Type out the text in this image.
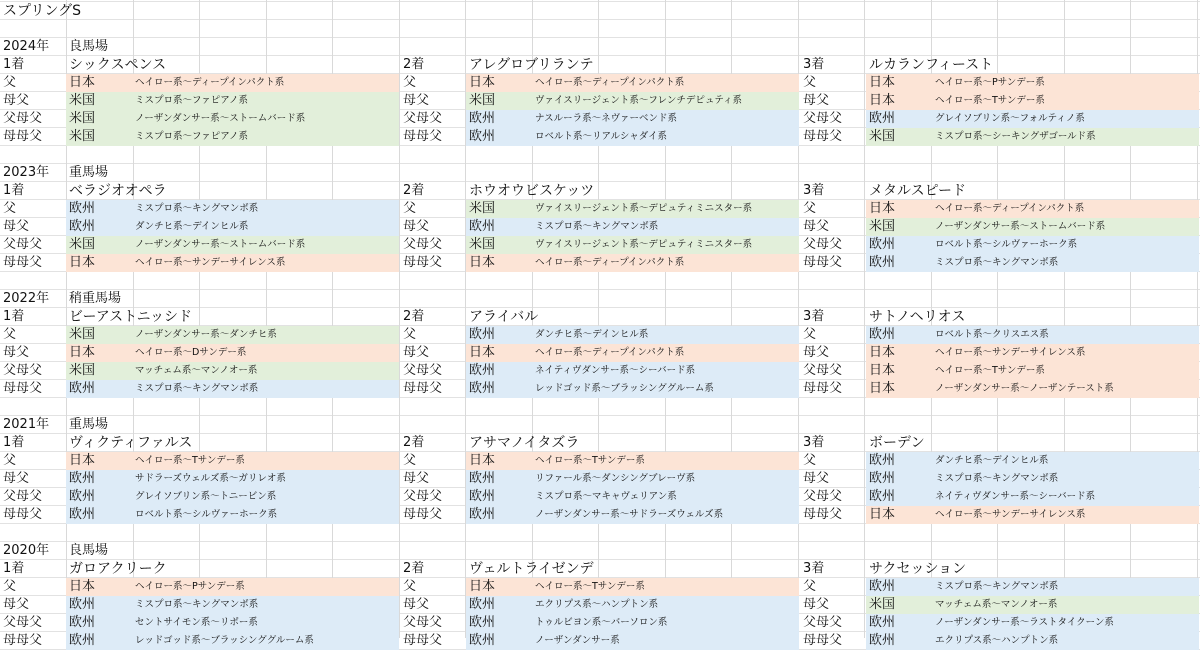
スプリングS
2024年 良馬場
1着	シックスペンス
父	日本	ヘイロー系～ディープインパクト系
母父	米国	ミスプロ系～ファピアノ系
父母父 米国	ノーザンダンサー系～ストームバード系
母母父 米国	ミスプロ系～ファピアノ系
2着	アレグロブリランテ
父	日本	ヘイロー系～ディープインパクト系
母父	米国	ヴァイスリージェント系～フレンチデピュティ系
父母父 欧州	ナスルーラ系～ネヴァーベンド系
母母父 欧州	ロベルト系～リアルシャダイ系
3着	ルカランフィースト
父	日本	ヘイロー系～Pサンデー系
母父	日本	ヘイロー系～Tサンデー系
父母父 欧州	グレイソブリン系～フォルティノ系
母母父 米国	ミスプロ系～シーキングザゴールド系
2023年 重馬場
1着	ベラジオオペラ
父	欧州	ミスプロ系～キングマンボ系
母父	欧州	ダンチヒ系～デインヒル系
父母父 米国	ノーザンダンサー系～ストームバード系
母母父 日本	ヘイロー系～サンデーサイレンス系
2着	ホウオウビスケッツ
父	米国	ヴァイスリージェント系～デピュティミニスター系
母父	欧州	ミスプロ系～キングマンボ系
父母父 米国	ヴァイスリージェント系～デピュティミニスター系
母母父 日本	ヘイロー系～ディープインパクト系
3着	メタルスピード
父	日本	ヘイロー系～ディープインパクト系
母父	米国	ノーザンダンサー系～ストームバード系
父母父 欧州	ロベルト系～シルヴァーホーク系
母母父 欧州	ミスプロ系～キングマンボ系
2022年 稍重馬場
1着	ビーアストニッシド
父	米国	ノーザンダンサー系～ダンチヒ系
母父	日本	ヘイロー系～Dサンデー系
父母父 米国	マッチェム系～マンノオー系
母母父 欧州	ミスプロ系～キングマンボ系
2着	アライバル
父	欧州	ダンチヒ系～デインヒル系
母父	日本	ヘイロー系～ディープインパクト系
父母父 欧州	ネイティヴダンサー系～シーバード系
母母父 欧州	レッドゴッド系～ブラッシンググルーム系
3着	サトノヘリオス
父	欧州	ロベルト系～クリスエス系
母父	日本	ヘイロー系～サンデーサイレンス系
父母父 日本	ヘイロー系～Tサンデー系
母母父 日本	ノーザンダンサー系～ノーザンテースト系
2021年 重馬場
1着	ヴィクティファルス
父	日本	ヘイロー系～Tサンデー系
母父	欧州	サドラーズウェルズ系～ガリレオ系
父母父 欧州	グレイソブリン系～トニービン系
母母父 欧州	ロベルト系～シルヴァーホーク系
2着	アサマノイタズラ
父	日本	ヘイロー系～Tサンデー系
母父	欧州	リファール系～ダンシングブレーヴ系
父母父 欧州	ミスプロ系～マキャヴェリアン系
母母父 欧州	ノーザンダンサー系～サドラーズウェルズ系
3着	ボーデン
父	欧州	ダンチヒ系～デインヒル系
母父	欧州	ミスプロ系～キングマンボ系
父母父 欧州	ネイティヴダンサー系～シーバード系
母母父 日本	ヘイロー系～サンデーサイレンス系
2020年 良馬場
1着	ガロアクリーク
父	日本	ヘイロー系～Pサンデー系
母父	欧州	ミスプロ系～キングマンボ系
父母父 欧州	セントサイモン系～リボー系
母母父 欧州	レッドゴッド系～ブラッシンググルーム系
2着	ヴェルトライゼンデ
父	日本	ヘイロー系～Tサンデー系
母父	欧州	エクリプス系～ハンプトン系
父母父 欧州	トゥルビヨン系～バーソロン系
母母父 欧州	ノーザンダンサー系
3着	サクセッション
父	欧州	ミスプロ系～キングマンボ系
母父	米国	マッチェム系～マンノオー系
父母父 欧州	ノーザンダンサー系～ラストタイクーン系
母母父 欧州	エクリプス系～ハンプトン系
